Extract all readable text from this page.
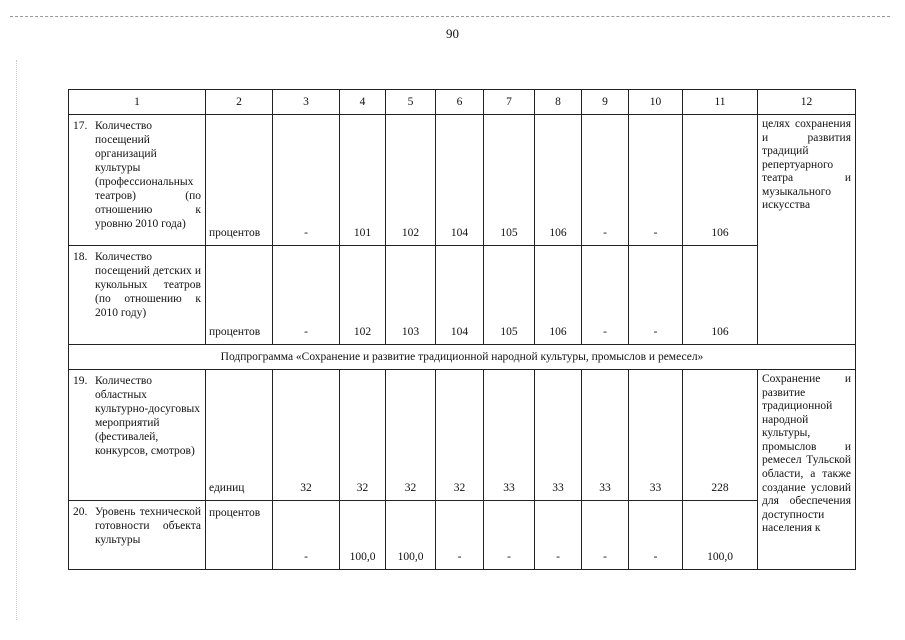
90
1	2	3	4	5	6	7	8	9	10	11	12

17. Количество посещений организаций культуры (профессиональных театров) (по отношению к уровню 2010 года)	процентов	-	101	102	104	105	106	-	-	106	целях сохранения и развития традиций репертуарного театра и музыкального искусства

18. Количество посещений детских и кукольных театров (по отношению к 2010 году)	процентов	-	102	103	104	105	106	-	-	106	
Подпрограмма «Сохранение и развитие традиционной народной культуры, промыслов и ремесел»											

19. Количество областных культурно-досуговых мероприятий (фестивалей, конкурсов, смотров)	единиц	32	32	32	32	33	33	33	33	228	Сохранение и развитие традиционной народной культуры, промыслов и ремесел Тульской области, а также создание условий для обеспечения доступности населения к

20. Уровень технической готовности объекта культуры	процентов	-	100,0	100,0	-	-	-	-	-	100,0	
